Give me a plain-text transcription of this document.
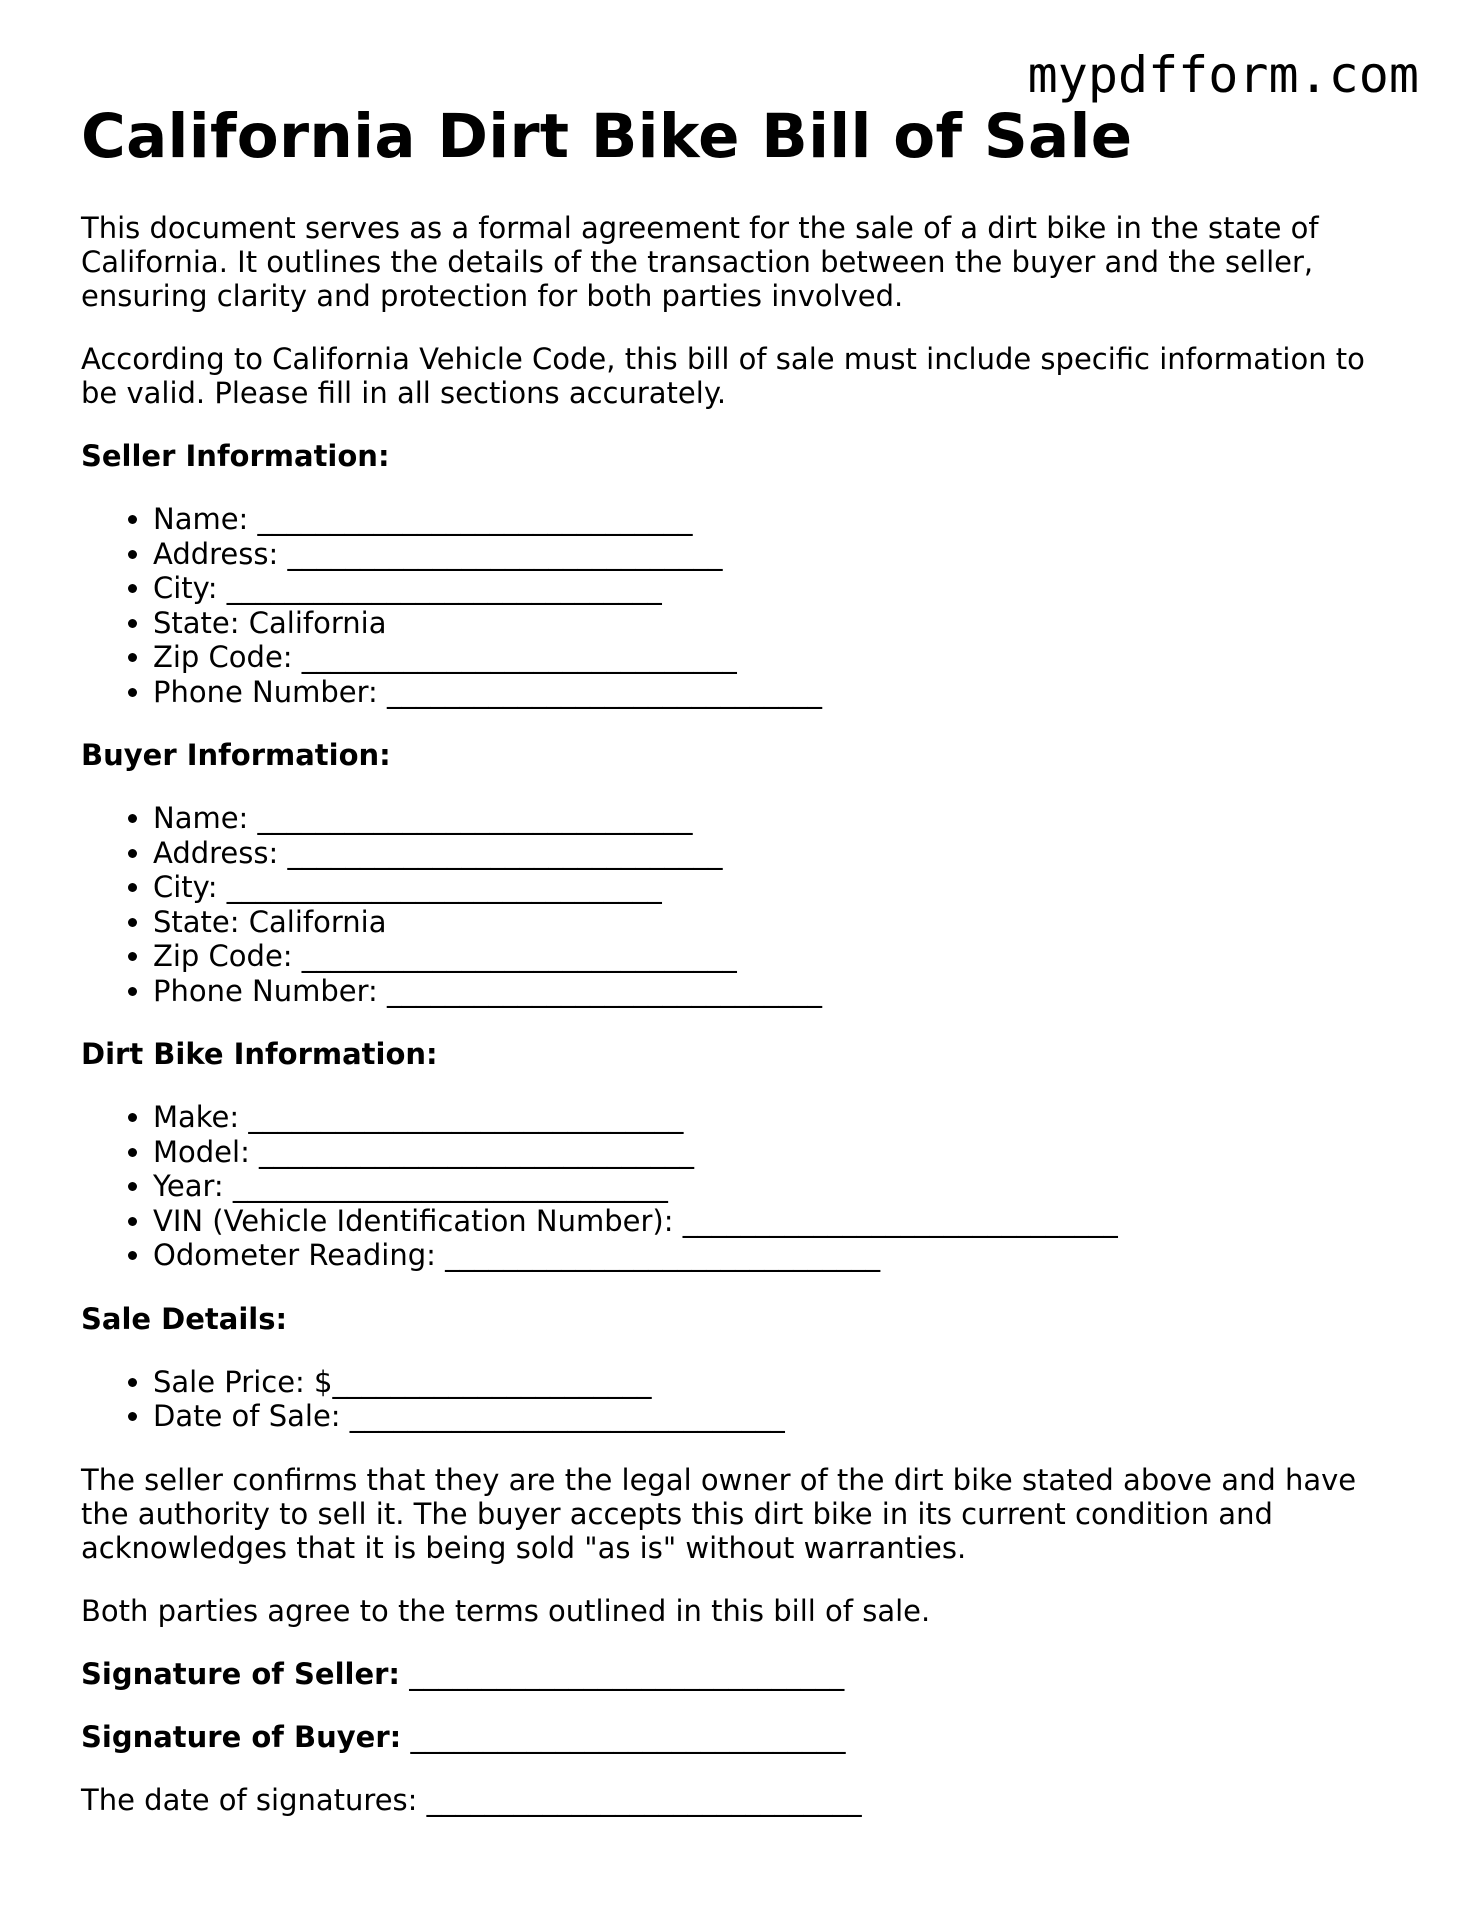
mypdfform.com
California Dirt Bike Bill of Sale

This document serves as a formal agreement for the sale of a dirt bike in the state of California. It outlines the details of the transaction between the buyer and the seller, ensuring clarity and protection for both parties involved.

According to California Vehicle Code, this bill of sale must include specific information to be valid. Please fill in all sections accurately.

Seller Information:

• Name: ______________________________
• Address: ______________________________
• City: ______________________________
• State: California
• Zip Code: ______________________________
• Phone Number: ______________________________

Buyer Information:

• Name: ______________________________
• Address: ______________________________
• City: ______________________________
• State: California
• Zip Code: ______________________________
• Phone Number: ______________________________

Dirt Bike Information:

• Make: ______________________________
• Model: ______________________________
• Year: ______________________________
• VIN (Vehicle Identification Number): ______________________________
• Odometer Reading: ______________________________

Sale Details:

• Sale Price: $______________________
• Date of Sale: ______________________________

The seller confirms that they are the legal owner of the dirt bike stated above and have the authority to sell it. The buyer accepts this dirt bike in its current condition and acknowledges that it is being sold "as is" without warranties.

Both parties agree to the terms outlined in this bill of sale.

Signature of Seller: ______________________________

Signature of Buyer: ______________________________

The date of signatures: ______________________________
